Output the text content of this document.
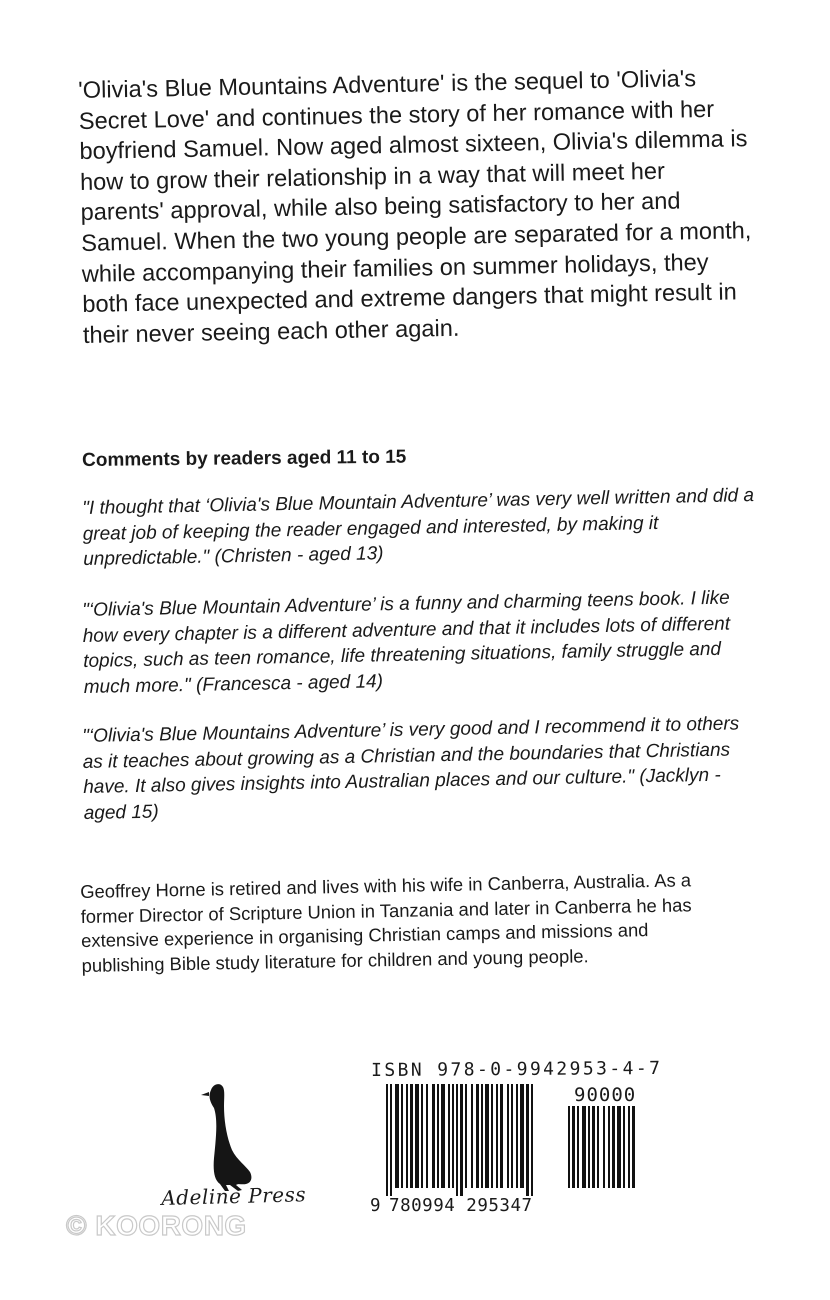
'Olivia's Blue Mountains Adventure' is the sequel to 'Olivia's Secret Love' and continues the story of her romance with her boyfriend Samuel. Now aged almost sixteen, Olivia's dilemma is how to grow their relationship in a way that will meet her parents' approval, while also being satisfactory to her and Samuel. When the two young people are separated for a month, while accompanying their families on summer holidays, they both face unexpected and extreme dangers that might result in their never seeing each other again.

Comments by readers aged 11 to 15

"I thought that ‘Olivia's Blue Mountain Adventure’ was very well written and did a great job of keeping the reader engaged and interested, by making it unpredictable." (Christen - aged 13)

"‘Olivia's Blue Mountain Adventure’ is a funny and charming teens book. I like how every chapter is a different adventure and that it includes lots of different topics, such as teen romance, life threatening situations, family struggle and much more." (Francesca - aged 14)

"‘Olivia's Blue Mountains Adventure’ is very good and I recommend it to others as it teaches about growing as a Christian and the boundaries that Christians have. It also gives insights into Australian places and our culture." (Jacklyn - aged 15)

Geoffrey Horne is retired and lives with his wife in Canberra, Australia. As a former Director of Scripture Union in Tanzania and later in Canberra he has extensive experience in organising Christian camps and missions and publishing Bible study literature for children and young people.

Adeline Press
© KOORONG
ISBN 978-0-9942953-4-7
90000
9 780994 295347
